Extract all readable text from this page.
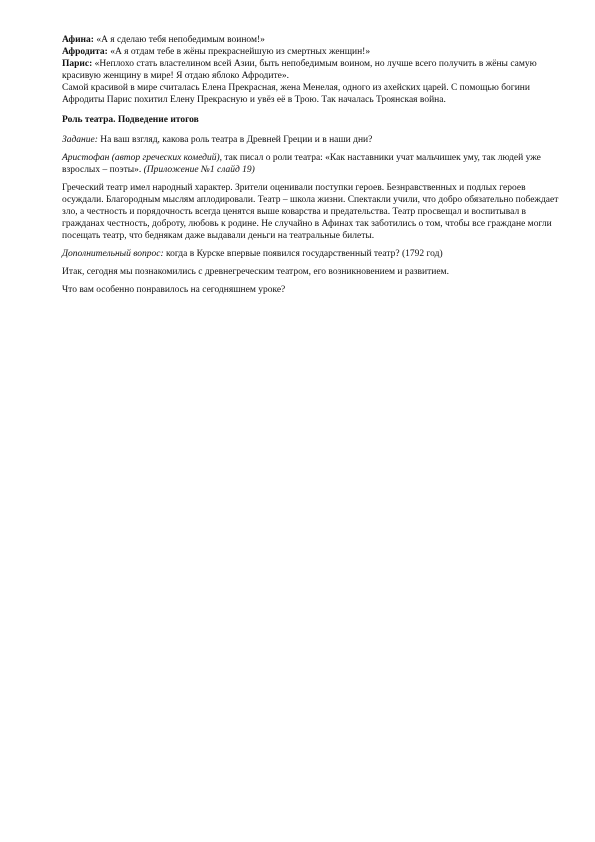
Афина: «А я сделаю тебя непобедимым воином!»

Афродита: «А я отдам тебе в жёны прекраснейшую из смертных женщин!»

Парис: «Неплохо стать властелином всей Азии, быть непобедимым воином, но лучше всего получить в жёны самую красивую женщину в мире! Я отдаю яблоко Афродите».

Самой красивой в мире считалась Елена Прекрасная, жена Менелая, одного из ахейских царей. С помощью богини Афродиты Парис похитил Елену Прекрасную и увёз её в Трою. Так началась Троянская война.

Роль театра. Подведение итогов

Задание: На ваш взгляд, какова роль театра в Древней Греции и в наши дни?

Аристофан (автор греческих комедий), так писал о роли театра: «Как наставники учат мальчишек уму, так людей уже взрослых – поэты». (Приложение №1 слайд 19)

Греческий театр имел народный характер. Зрители оценивали поступки героев. Безнравственных и подлых героев осуждали. Благородным мыслям аплодировали. Театр – школа жизни. Спектакли учили, что добро обязательно побеждает зло, а честность и порядочность всегда ценятся выше коварства и предательства. Театр просвещал и воспитывал в гражданах честность, доброту, любовь к родине. Не случайно в Афинах так заботились о том, чтобы все граждане могли посещать театр, что беднякам даже выдавали деньги на театральные билеты.

Дополнительный вопрос: когда в Курске впервые появился государственный театр? (1792 год)

Итак, сегодня мы познакомились с древнегреческим театром, его возникновением и развитием.

Что вам особенно понравилось на сегодняшнем уроке?
